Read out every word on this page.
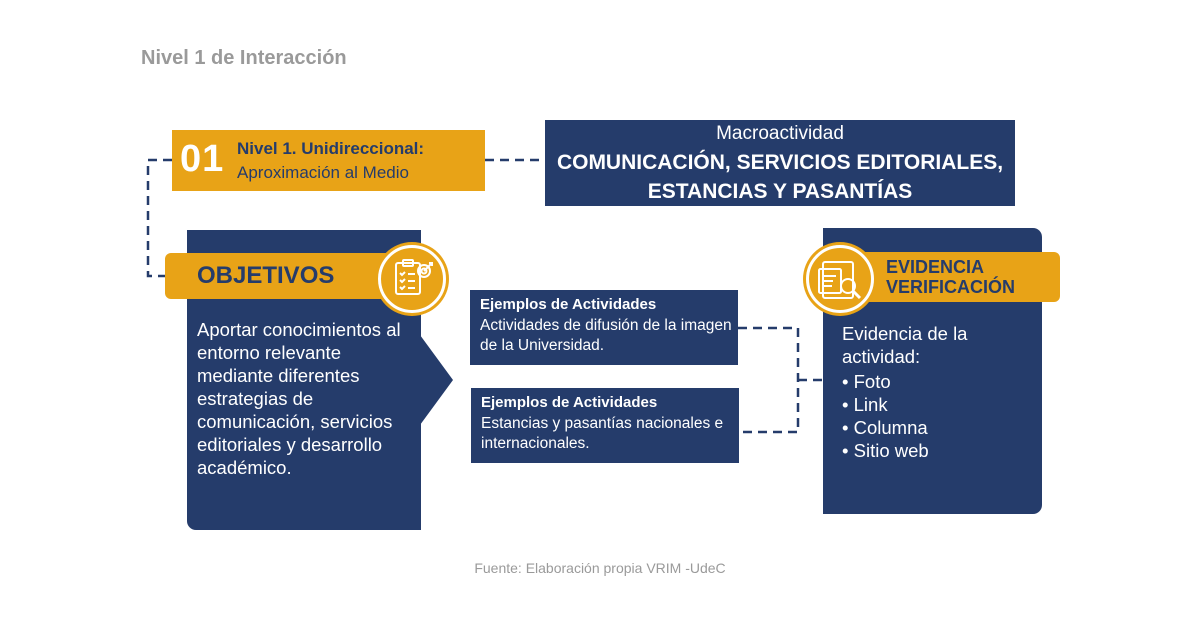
Nivel 1 de Interacción
01 Nivel 1. Unidireccional:
Aproximación al Medio
Macroactividad
COMUNICACIÓN, SERVICIOS EDITORIALES, ESTANCIAS Y PASANTÍAS
OBJETIVOS
Aportar conocimientos al entorno relevante mediante diferentes estrategias de comunicación, servicios editoriales y desarrollo académico.
Ejemplos de Actividades
Actividades de difusión de la imagen de la Universidad.
Ejemplos de Actividades
Estancias y pasantías nacionales e internacionales.
EVIDENCIA
VERIFICACIÓN
Evidencia de la actividad:
• Foto
• Link
• Columna
• Sitio web
Fuente: Elaboración propia VRIM -UdeC
